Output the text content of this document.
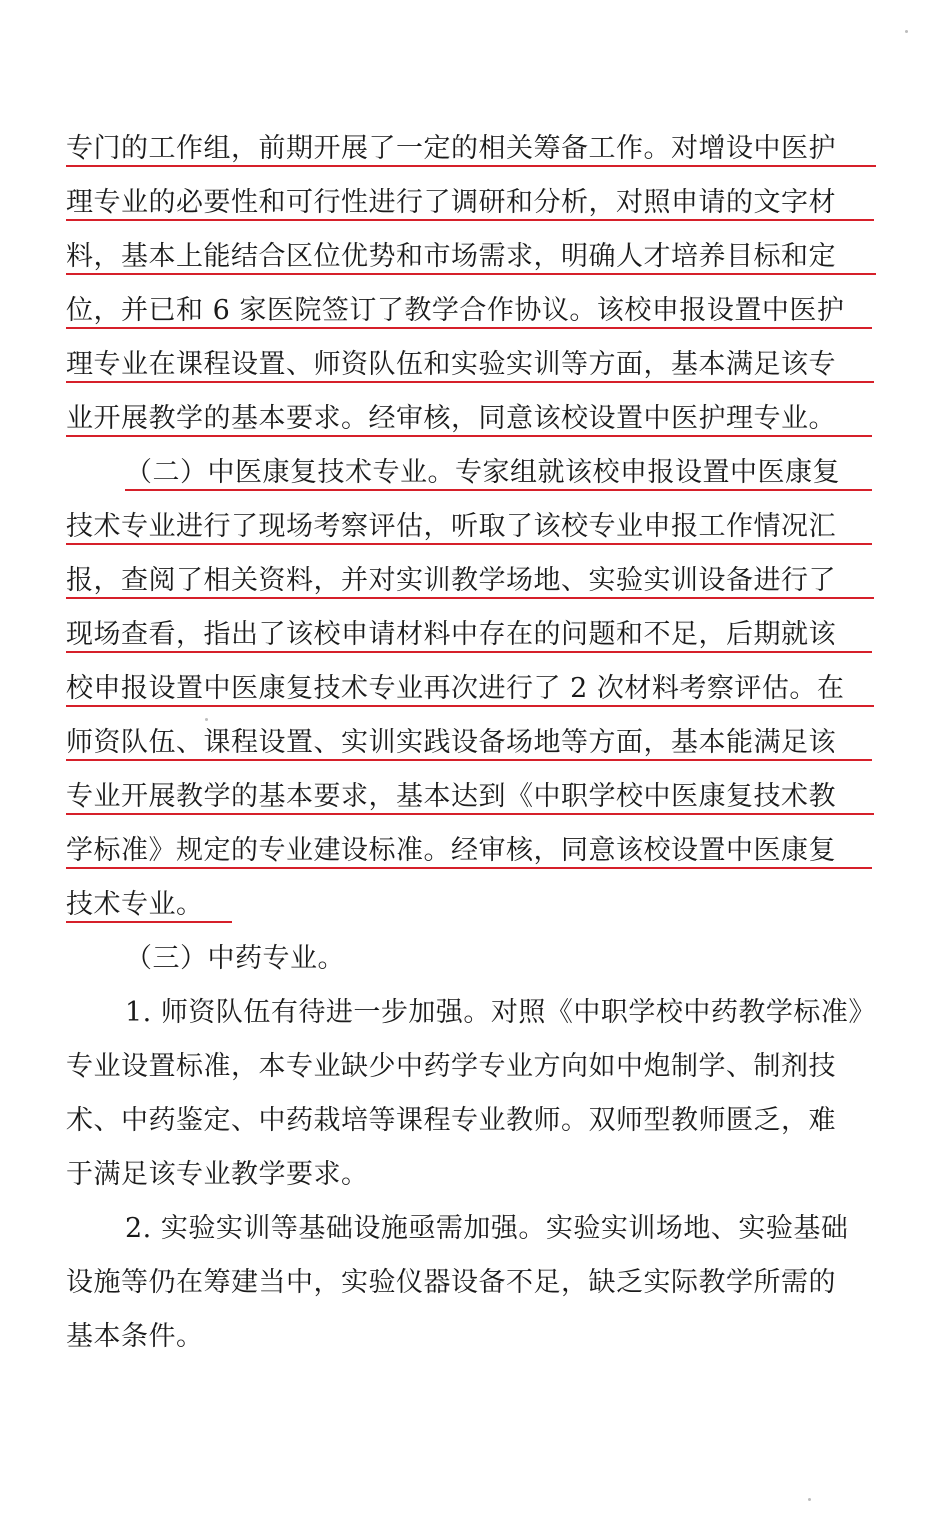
专门的工作组，前期开展了一定的相关筹备工作。对增设中医护
理专业的必要性和可行性进行了调研和分析，对照申请的文字材
料，基本上能结合区位优势和市场需求，明确人才培养目标和定
位，并已和 6 家医院签订了教学合作协议。该校申报设置中医护
理专业在课程设置、师资队伍和实验实训等方面，基本满足该专
业开展教学的基本要求。经审核，同意该校设置中医护理专业。
（二）中医康复技术专业。专家组就该校申报设置中医康复
技术专业进行了现场考察评估，听取了该校专业申报工作情况汇
报，查阅了相关资料，并对实训教学场地、实验实训设备进行了
现场查看，指出了该校申请材料中存在的问题和不足，后期就该
校申报设置中医康复技术专业再次进行了 2 次材料考察评估。在
师资队伍、课程设置、实训实践设备场地等方面，基本能满足该
专业开展教学的基本要求，基本达到《中职学校中医康复技术教
学标准》规定的专业建设标准。经审核，同意该校设置中医康复
技术专业。
（三）中药专业。
1. 师资队伍有待进一步加强。对照《中职学校中药教学标准》
专业设置标准，本专业缺少中药学专业方向如中炮制学、制剂技
术、中药鉴定、中药栽培等课程专业教师。双师型教师匮乏，难
于满足该专业教学要求。
2. 实验实训等基础设施亟需加强。实验实训场地、实验基础
设施等仍在筹建当中，实验仪器设备不足，缺乏实际教学所需的
基本条件。
